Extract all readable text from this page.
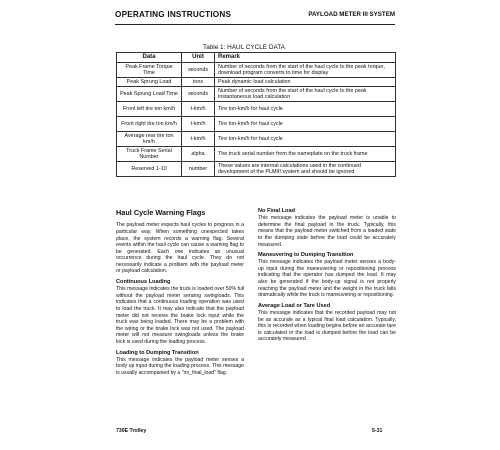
OPERATING INSTRUCTIONS	PAYLOAD METER III SYSTEM
Table 1: HAUL CYCLE DATA
Data	Unit	Remark
Peak Frame Torque Time	seconds	Number of seconds from the start of the haul cycle to the peak torque, download program converts to time for display
Peak Sprung Load	tons	Peak dynamic load calculation
Peak Sprung Load Time	seconds	Number of seconds from the start of the haul cycle to the peak instantaneous load calculation
Front left tire ton km/h	t-km/h	Tire ton-km/h for haul cycle
Front right tire ton km/h	t-km/h	Tire ton-km/h for haul cycle
Average rear tire ton km/h	t-km/h	Tire ton-km/h for haul cycle
Truck Frame Serial Number	alpha	The truck serial number from the nameplate on the truck frame
Reserved 1-10	number	These values are internal calculations used in the continued development of the PLMIII system and should be ignored
Haul Cycle Warning Flags

The payload meter expects haul cycles to progress in a particular way. When something unexpected takes place, the system records a warning flag. Several events within the haul cycle can cause a warning flag to be generated. Each one indicates an unusual occurrence during the haul cycle. They do not necessarily indicate a problem with the payload meter or payload calculation.

Continuous Loading

This message indicates the truck is loaded over 50% full without the payload meter sensing swingloads. This indicates that a continuous loading operation was used to load the truck. It may also indicate that the payload meter did not receive the brake lock input while the truck was being loaded. There may be a problem with the wiring or the brake lock was not used. The payload meter will not measure swingloads unless the brake lock is used during the loading process.

Loading to Dumping Transition

This message indicates the payload meter senses a body up input during the loading process. This message is usually accompanied by a "no_final_load" flag.

No Final Load

This message indicates the payload meter is unable to determine the final payload in the truck. Typically, this means that the payload meter switched from a loaded state to the dumping state before the load could be accurately measured.

Maneuvering to Dumping Transition

This message indicates the payload meter senses a body-up input during the maneuvering or repositioning process indicating that the operator has dumped the load. It may also be generated if the body-up signal is not properly reaching the payload meter and the weight in the truck falls dramatically while the truck is maneuvering or repositioning.

Average Load or Tare Used

This message indicates that the recorded payload may not be as accurate as a typical final load calculation. Typically, this is recorded when loading begins before an accurate tare is calculated or the load is dumped before the load can be accurately measured.

730E Trolley	5-31
